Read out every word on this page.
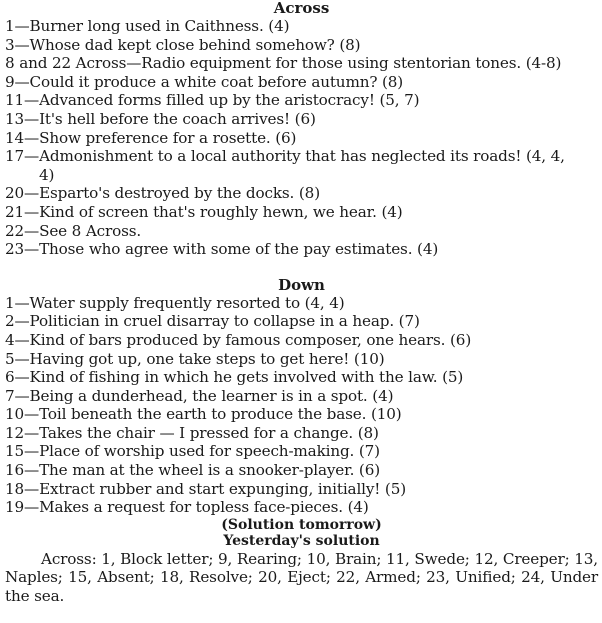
Across
1—Burner long used in Caithness. (4)
3—Whose dad kept close behind somehow? (8)
8 and 22 Across—Radio equipment for those using stentorian tones. (4-8)
9—Could it produce a white coat before autumn? (8)
11—Advanced forms filled up by the aristocracy! (5, 7)
13—It's hell before the coach arrives! (6)
14—Show preference for a rosette. (6)
17—Admonishment to a local authority that has neglected its roads! (4, 4,
4)
20—Esparto's destroyed by the docks. (8)
21—Kind of screen that's roughly hewn, we hear. (4)
22—See 8 Across.
23—Those who agree with some of the pay estimates. (4)
Down
1—Water supply frequently resorted to (4, 4)
2—Politician in cruel disarray to collapse in a heap. (7)
4—Kind of bars produced by famous composer, one hears. (6)
5—Having got up, one take steps to get here! (10)
6—Kind of fishing in which he gets involved with the law. (5)
7—Being a dunderhead, the learner is in a spot. (4)
10—Toil beneath the earth to produce the base. (10)
12—Takes the chair — I pressed for a change. (8)
15—Place of worship used for speech-making. (7)
16—The man at the wheel is a snooker-player. (6)
18—Extract rubber and start expunging, initially! (5)
19—Makes a request for topless face-pieces. (4)
(Solution tomorrow)
Yesterday's solution

Across: 1, Block letter; 9, Rearing; 10, Brain; 11, Swede; 12, Creeper; 13, Naples; 15, Absent; 18, Resolve; 20, Eject; 22, Armed; 23, Unified; 24, Under the sea.
